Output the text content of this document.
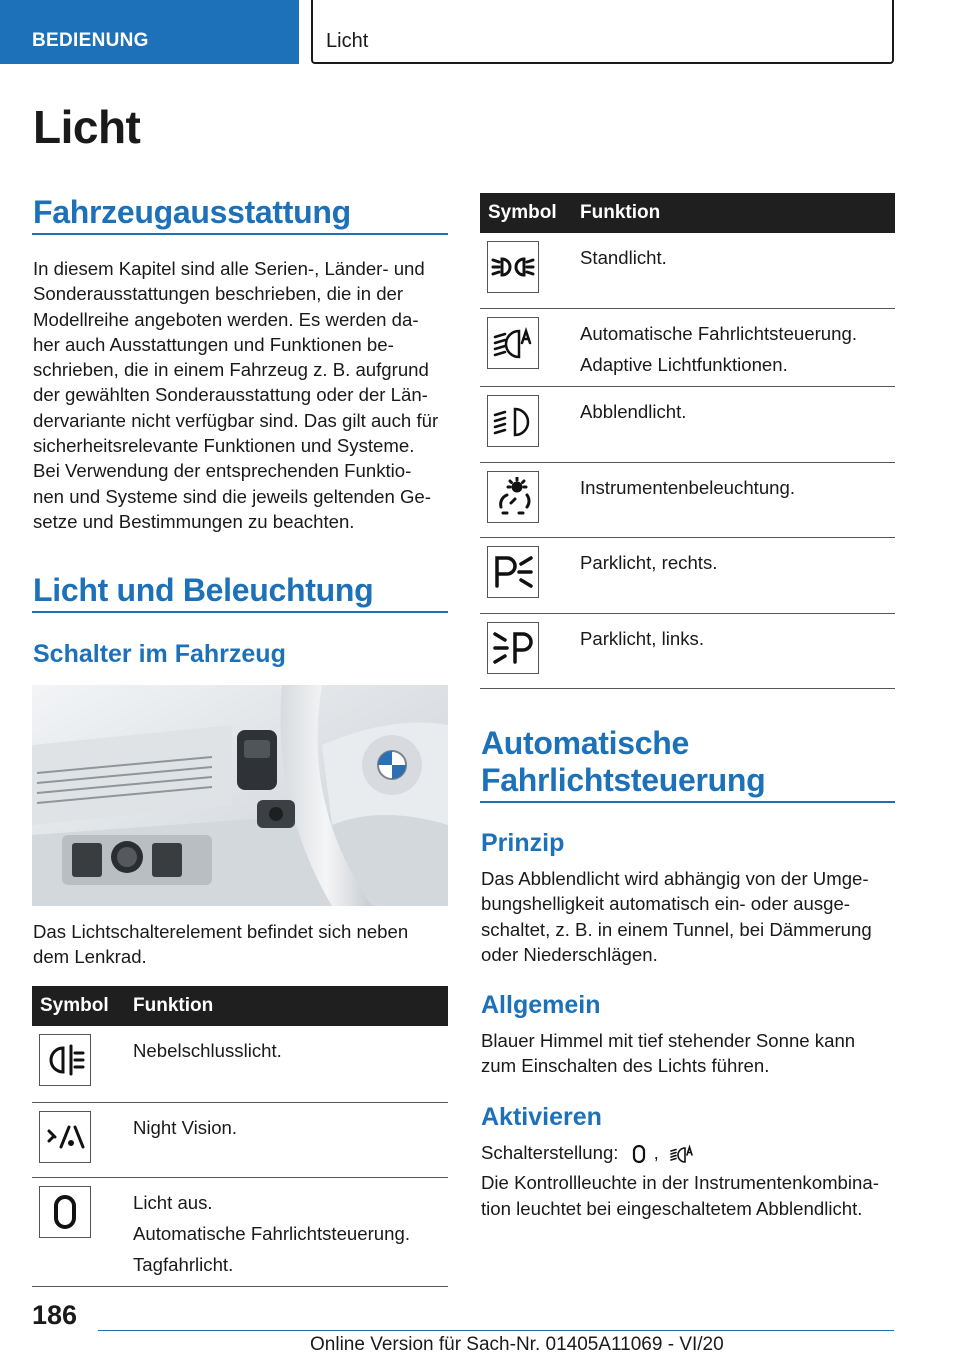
BEDIENUNG	Licht
Licht
Fahrzeugausstattung
In diesem Kapitel sind alle Serien-, Länder- und
Sonderausstattungen beschrieben, die in der
Modellreihe angeboten werden. Es werden da-
her auch Ausstattungen und Funktionen be-
schrieben, die in einem Fahrzeug z. B. aufgrund
der gewählten Sonderausstattung oder der Län-
dervariante nicht verfügbar sind. Das gilt auch für
sicherheitsrelevante Funktionen und Systeme.
Bei Verwendung der entsprechenden Funktio-
nen und Systeme sind die jeweils geltenden Ge-
setze und Bestimmungen zu beachten.
Licht und Beleuchtung
Schalter im Fahrzeug
Das Lichtschalterelement befindet sich neben
dem Lenkrad.
Symbol	Funktion

Nebelschlusslicht.

Night Vision.

Licht aus.
Automatische Fahrlichtsteuerung.
Tagfahrlicht.
Symbol	Funktion

Standlicht.

Automatische Fahrlichtsteuerung.
Adaptive Lichtfunktionen.

Abblendlicht.

Instrumentenbeleuchtung.

Parklicht, rechts.

Parklicht, links.
Automatische
Fahrlichtsteuerung
Prinzip
Das Abblendlicht wird abhängig von der Umge-
bungshelligkeit automatisch ein- oder ausge-
schaltet, z. B. in einem Tunnel, bei Dämmerung
oder Niederschlägen.
Allgemein
Blauer Himmel mit tief stehender Sonne kann
zum Einschalten des Lichts führen.
Aktivieren
Schalterstellung: ,
Die Kontrollleuchte in der Instrumentenkombina-
tion leuchtet bei eingeschaltetem Abblendlicht.
186
Online Version für Sach-Nr. 01405A11069 - VI/20
